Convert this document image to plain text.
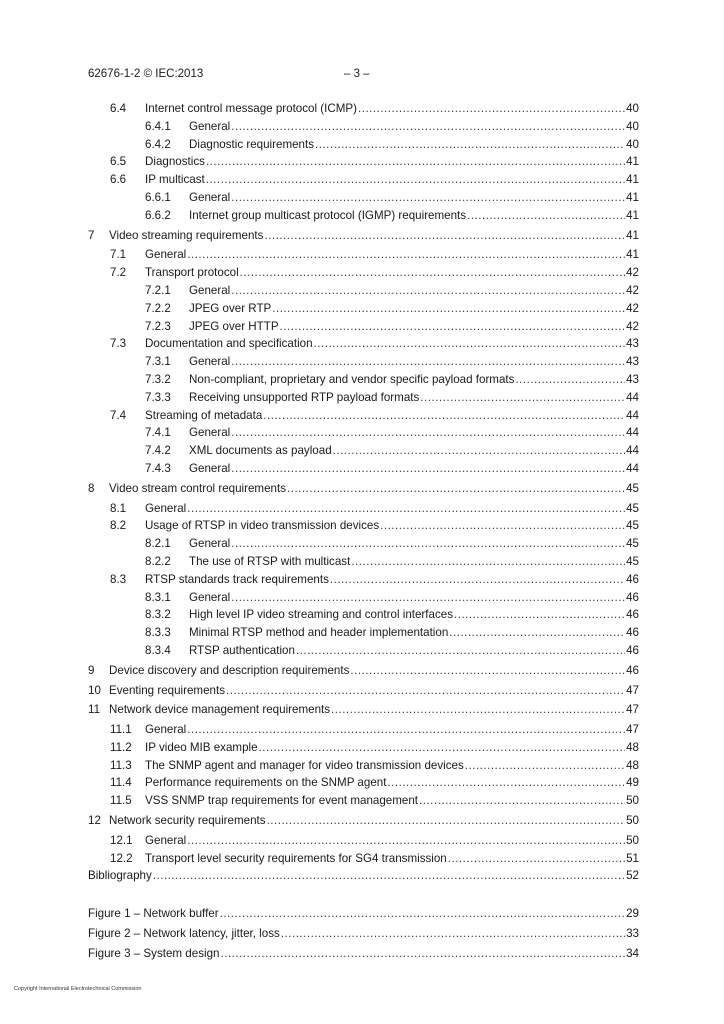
62676-1-2 © IEC:2013	– 3 –
6.4 Internet control message protocol (ICMP) .....	40
6.4.1 General .....	40
6.4.2 Diagnostic requirements .....	40
6.5 Diagnostics .....	41
6.6 IP multicast .....	41
6.6.1 General .....	41
6.6.2 Internet group multicast protocol (IGMP) requirements .....	41
7 Video streaming requirements .....	41
7.1 General .....	41
7.2 Transport protocol .....	42
7.2.1 General .....	42
7.2.2 JPEG over RTP .....	42
7.2.3 JPEG over HTTP .....	42
7.3 Documentation and specification .....	43
7.3.1 General .....	43
7.3.2 Non-compliant, proprietary and vendor specific payload formats .....	43
7.3.3 Receiving unsupported RTP payload formats .....	44
7.4 Streaming of metadata .....	44
7.4.1 General .....	44
7.4.2 XML documents as payload .....	44
7.4.3 General .....	44
8 Video stream control requirements .....	45
8.1 General .....	45
8.2 Usage of RTSP in video transmission devices .....	45
8.2.1 General .....	45
8.2.2 The use of RTSP with multicast .....	45
8.3 RTSP standards track requirements .....	46
8.3.1 General .....	46
8.3.2 High level IP video streaming and control interfaces .....	46
8.3.3 Minimal RTSP method and header implementation .....	46
8.3.4 RTSP authentication .....	46
9 Device discovery and description requirements .....	46
10 Eventing requirements .....	47
11 Network device management requirements .....	47
11.1 General .....	47
11.2 IP video MIB example .....	48
11.3 The SNMP agent and manager for video transmission devices .....	48
11.4 Performance requirements on the SNMP agent .....	49
11.5 VSS SNMP trap requirements for event management .....	50
12 Network security requirements .....	50
12.1 General .....	50
12.2 Transport level security requirements for SG4 transmission .....	51
Bibliography .....	52
Figure 1 – Network buffer .....	29
Figure 2 – Network latency, jitter, loss .....	33
Figure 3 – System design .....	34
Copyright International Electrotechnical Commission
